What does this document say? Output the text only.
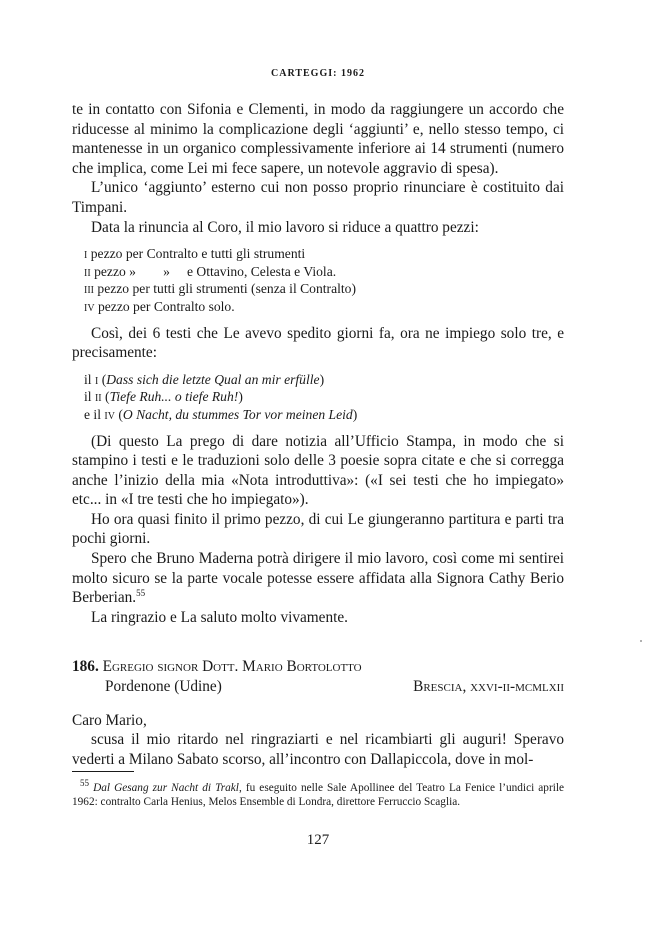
CARTEGGI: 1962

te in contatto con Sifonia e Clementi, in modo da raggiungere un accordo che riducesse al minimo la complicazione degli ‘aggiunti’ e, nello stesso tempo, ci mantenesse in un organico complessivamente inferiore ai 14 strumenti (numero che implica, come Lei mi fece sapere, un notevole aggravio di spesa).

L’unico ‘aggiunto’ esterno cui non posso proprio rinunciare è costituito dai Timpani.

Data la rinuncia al Coro, il mio lavoro si riduce a quattro pezzi:

i pezzo per Contralto e tutti gli strumenti
ii pezzo »        »     e Ottavino, Celesta e Viola.
iii pezzo per tutti gli strumenti (senza il Contralto)
iv pezzo per Contralto solo.

Così, dei 6 testi che Le avevo spedito giorni fa, ora ne impiego solo tre, e precisamente:

il i (Dass sich die letzte Qual an mir erfülle)
il ii (Tiefe Ruh... o tiefe Ruh!)
e il iv (O Nacht, du stummes Tor vor meinen Leid)

(Di questo La prego di dare notizia all’Ufficio Stampa, in modo che si stampino i testi e le traduzioni solo delle 3 poesie sopra citate e che si corregga anche l’inizio della mia «Nota introduttiva»: («I sei testi che ho impiegato» etc... in «I tre testi che ho impiegato»).

Ho ora quasi finito il primo pezzo, di cui Le giungeranno partitura e parti tra pochi giorni.

Spero che Bruno Maderna potrà dirigere il mio lavoro, così come mi sentirei molto sicuro se la parte vocale potesse essere affidata alla Signora Cathy Berio Berberian.$^{55}$

La ringrazio e La saluto molto vivamente.

186. Egregio signor Dott. Mario Bortolotto
Pordenone (Udine)	Brescia, xxvi-ii-mcmlxii

Caro Mario,

scusa il mio ritardo nel ringraziarti e nel ricambiarti gli auguri! Speravo vederti a Milano Sabato scorso, all’incontro con Dallapiccola, dove in mol-

$^{55}$ Dal Gesang zur Nacht di Trakl, fu eseguito nelle Sale Apollinee del Teatro La Fenice l’undici aprile 1962: contralto Carla Henius, Melos Ensemble di Londra, direttore Ferruccio Scaglia.
127
